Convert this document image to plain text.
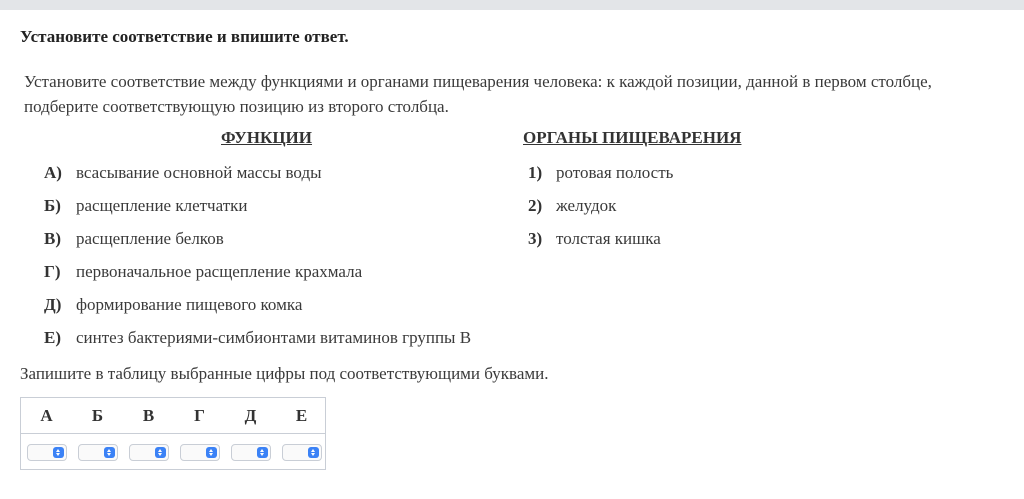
Установите соответствие и впишите ответ.
Установите соответствие между функциями и органами пищеварения человека: к каждой позиции, данной в первом столбце,
подберите соответствующую позицию из второго столбца.
ФУНКЦИИ	ОРГАНЫ ПИЩЕВАРЕНИЯ
А) всасывание основной массы воды
Б) расщепление клетчатки
В) расщепление белков
Г) первоначальное расщепление крахмала
Д) формирование пищевого комка
Е) синтез бактериями-симбионтами витаминов группы В
1) ротовая полость
2) желудок
3) толстая кишка
Запишите в таблицу выбранные цифры под соответствующими буквами.
А	Б	В	Г	Д	Е
